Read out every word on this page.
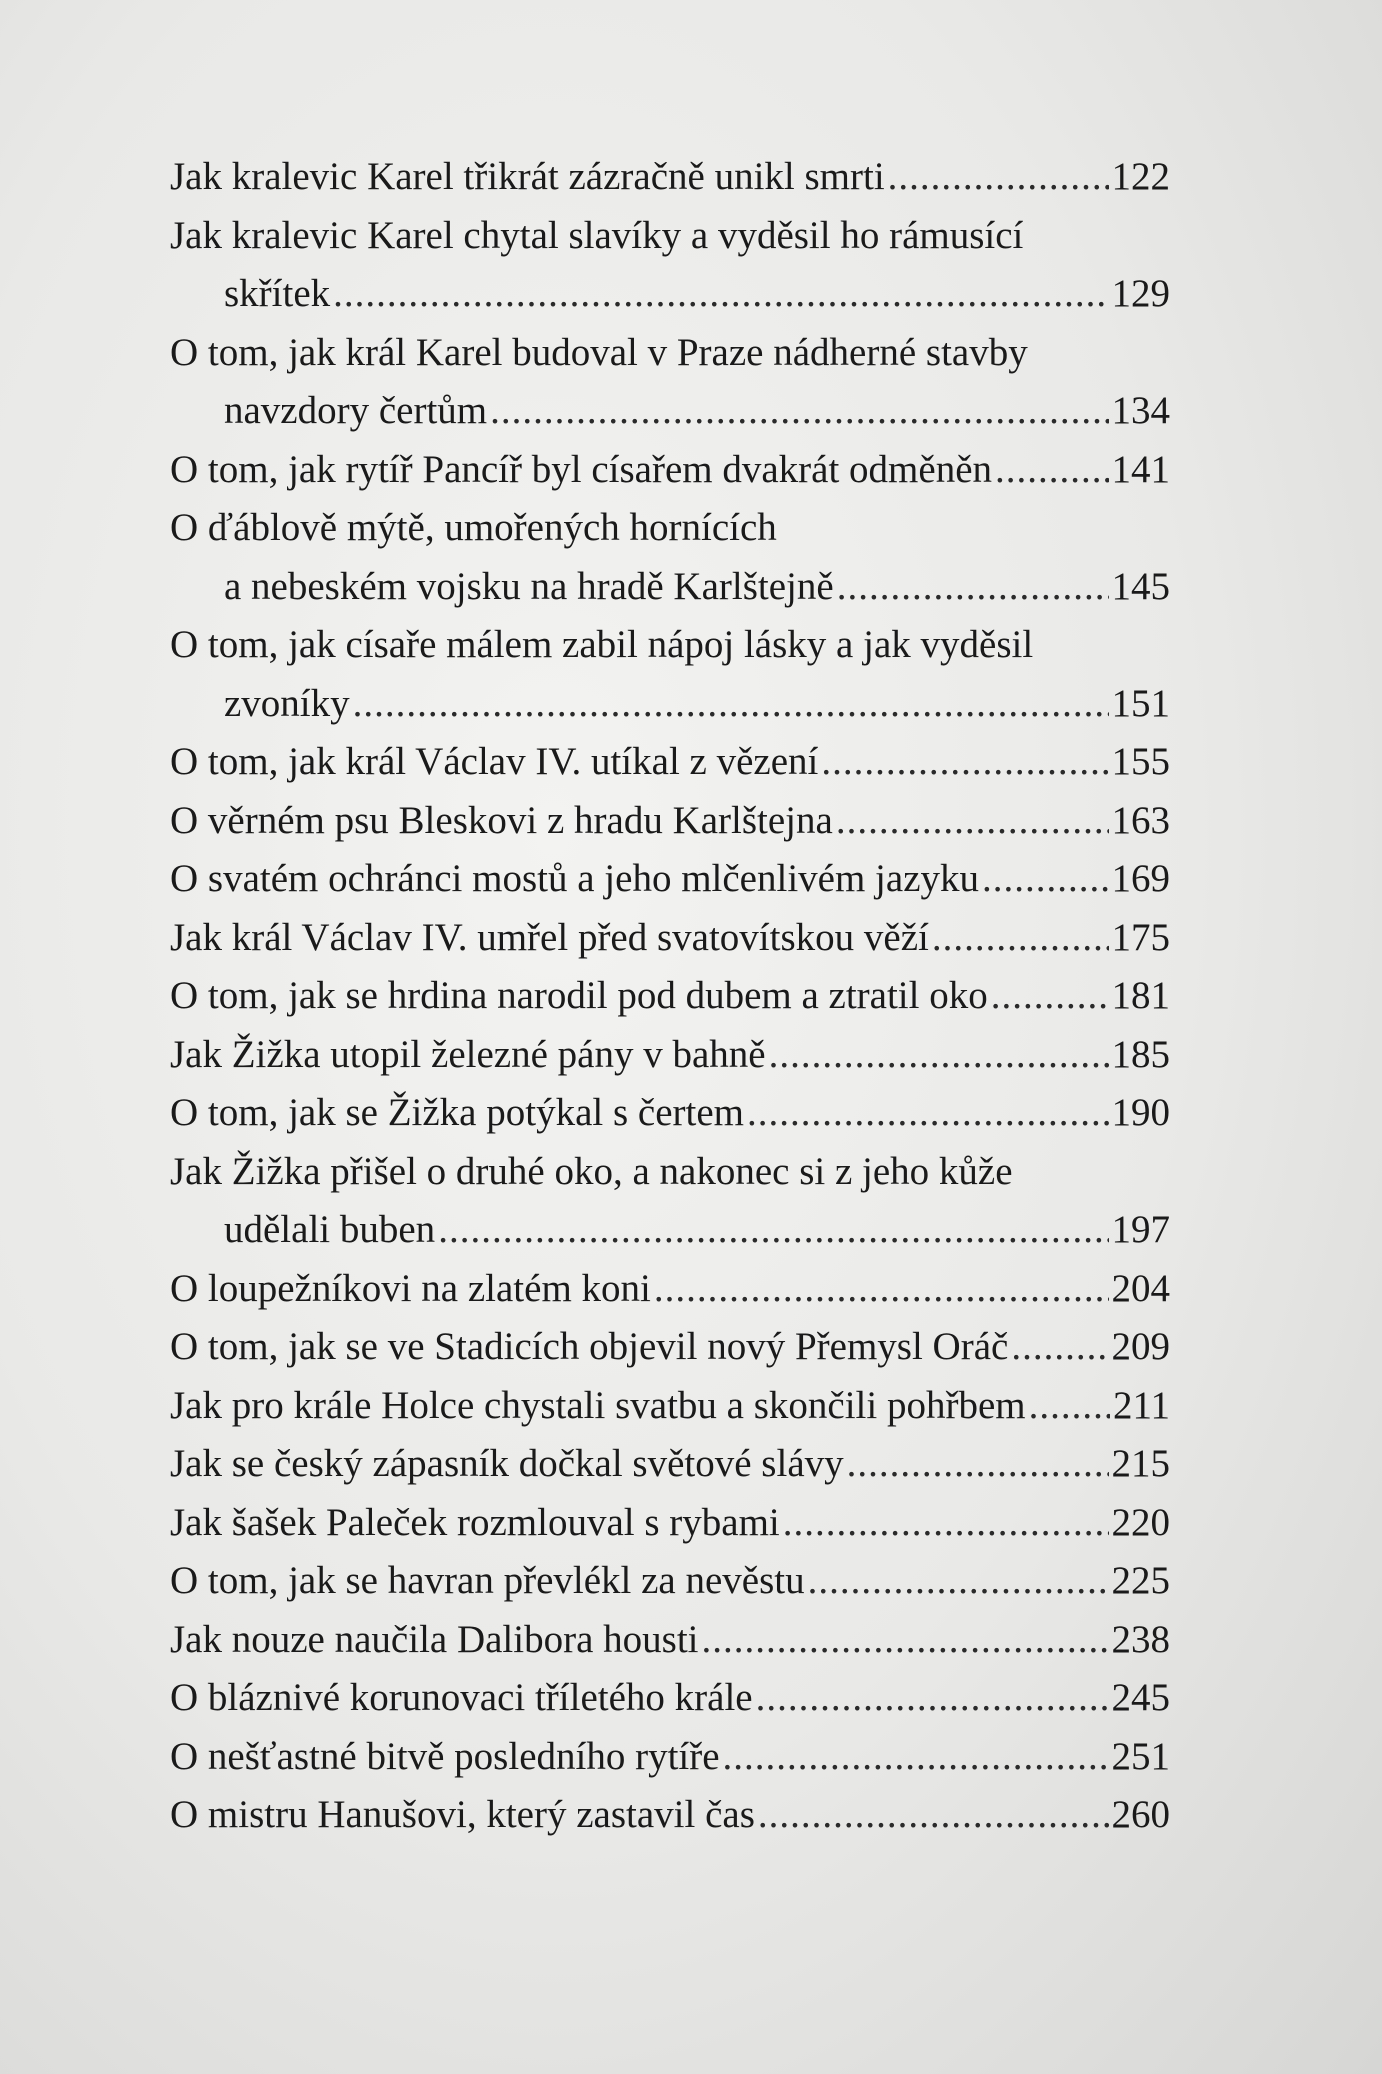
Jak kralevic Karel třikrát zázračně unikl smrti .....	122
Jak kralevic Karel chytal slavíky a vyděsil ho rámusící
skřítek .....	129
O tom, jak král Karel budoval v Praze nádherné stavby
navzdory čertům .....	134
O tom, jak rytíř Pancíř byl císařem dvakrát odměněn .....	141
O ďáblově mýtě, umořených hornících
a nebeském vojsku na hradě Karlštejně .....	145
O tom, jak císaře málem zabil nápoj lásky a jak vyděsil
zvoníky .....	151
O tom, jak král Václav IV. utíkal z vězení .....	155
O věrném psu Bleskovi z hradu Karlštejna .....	163
O svatém ochránci mostů a jeho mlčenlivém jazyku .....	169
Jak král Václav IV. umřel před svatovítskou věží .....	175
O tom, jak se hrdina narodil pod dubem a ztratil oko .....	181
Jak Žižka utopil železné pány v bahně .....	185
O tom, jak se Žižka potýkal s čertem .....	190
Jak Žižka přišel o druhé oko, a nakonec si z jeho kůže
udělali buben .....	197
O loupežníkovi na zlatém koni .....	204
O tom, jak se ve Stadicích objevil nový Přemysl Oráč .....	209
Jak pro krále Holce chystali svatbu a skončili pohřbem ..... 211
Jak se český zápasník dočkal světové slávy .....	215
Jak šašek Paleček rozmlouval s rybami .....	220
O tom, jak se havran převlékl za nevěstu .....	225
Jak nouze naučila Dalibora housti .....	238
O bláznivé korunovaci tříletého krále .....	245
O nešťastné bitvě posledního rytíře .....	251
O mistru Hanušovi, který zastavil čas .....	260
